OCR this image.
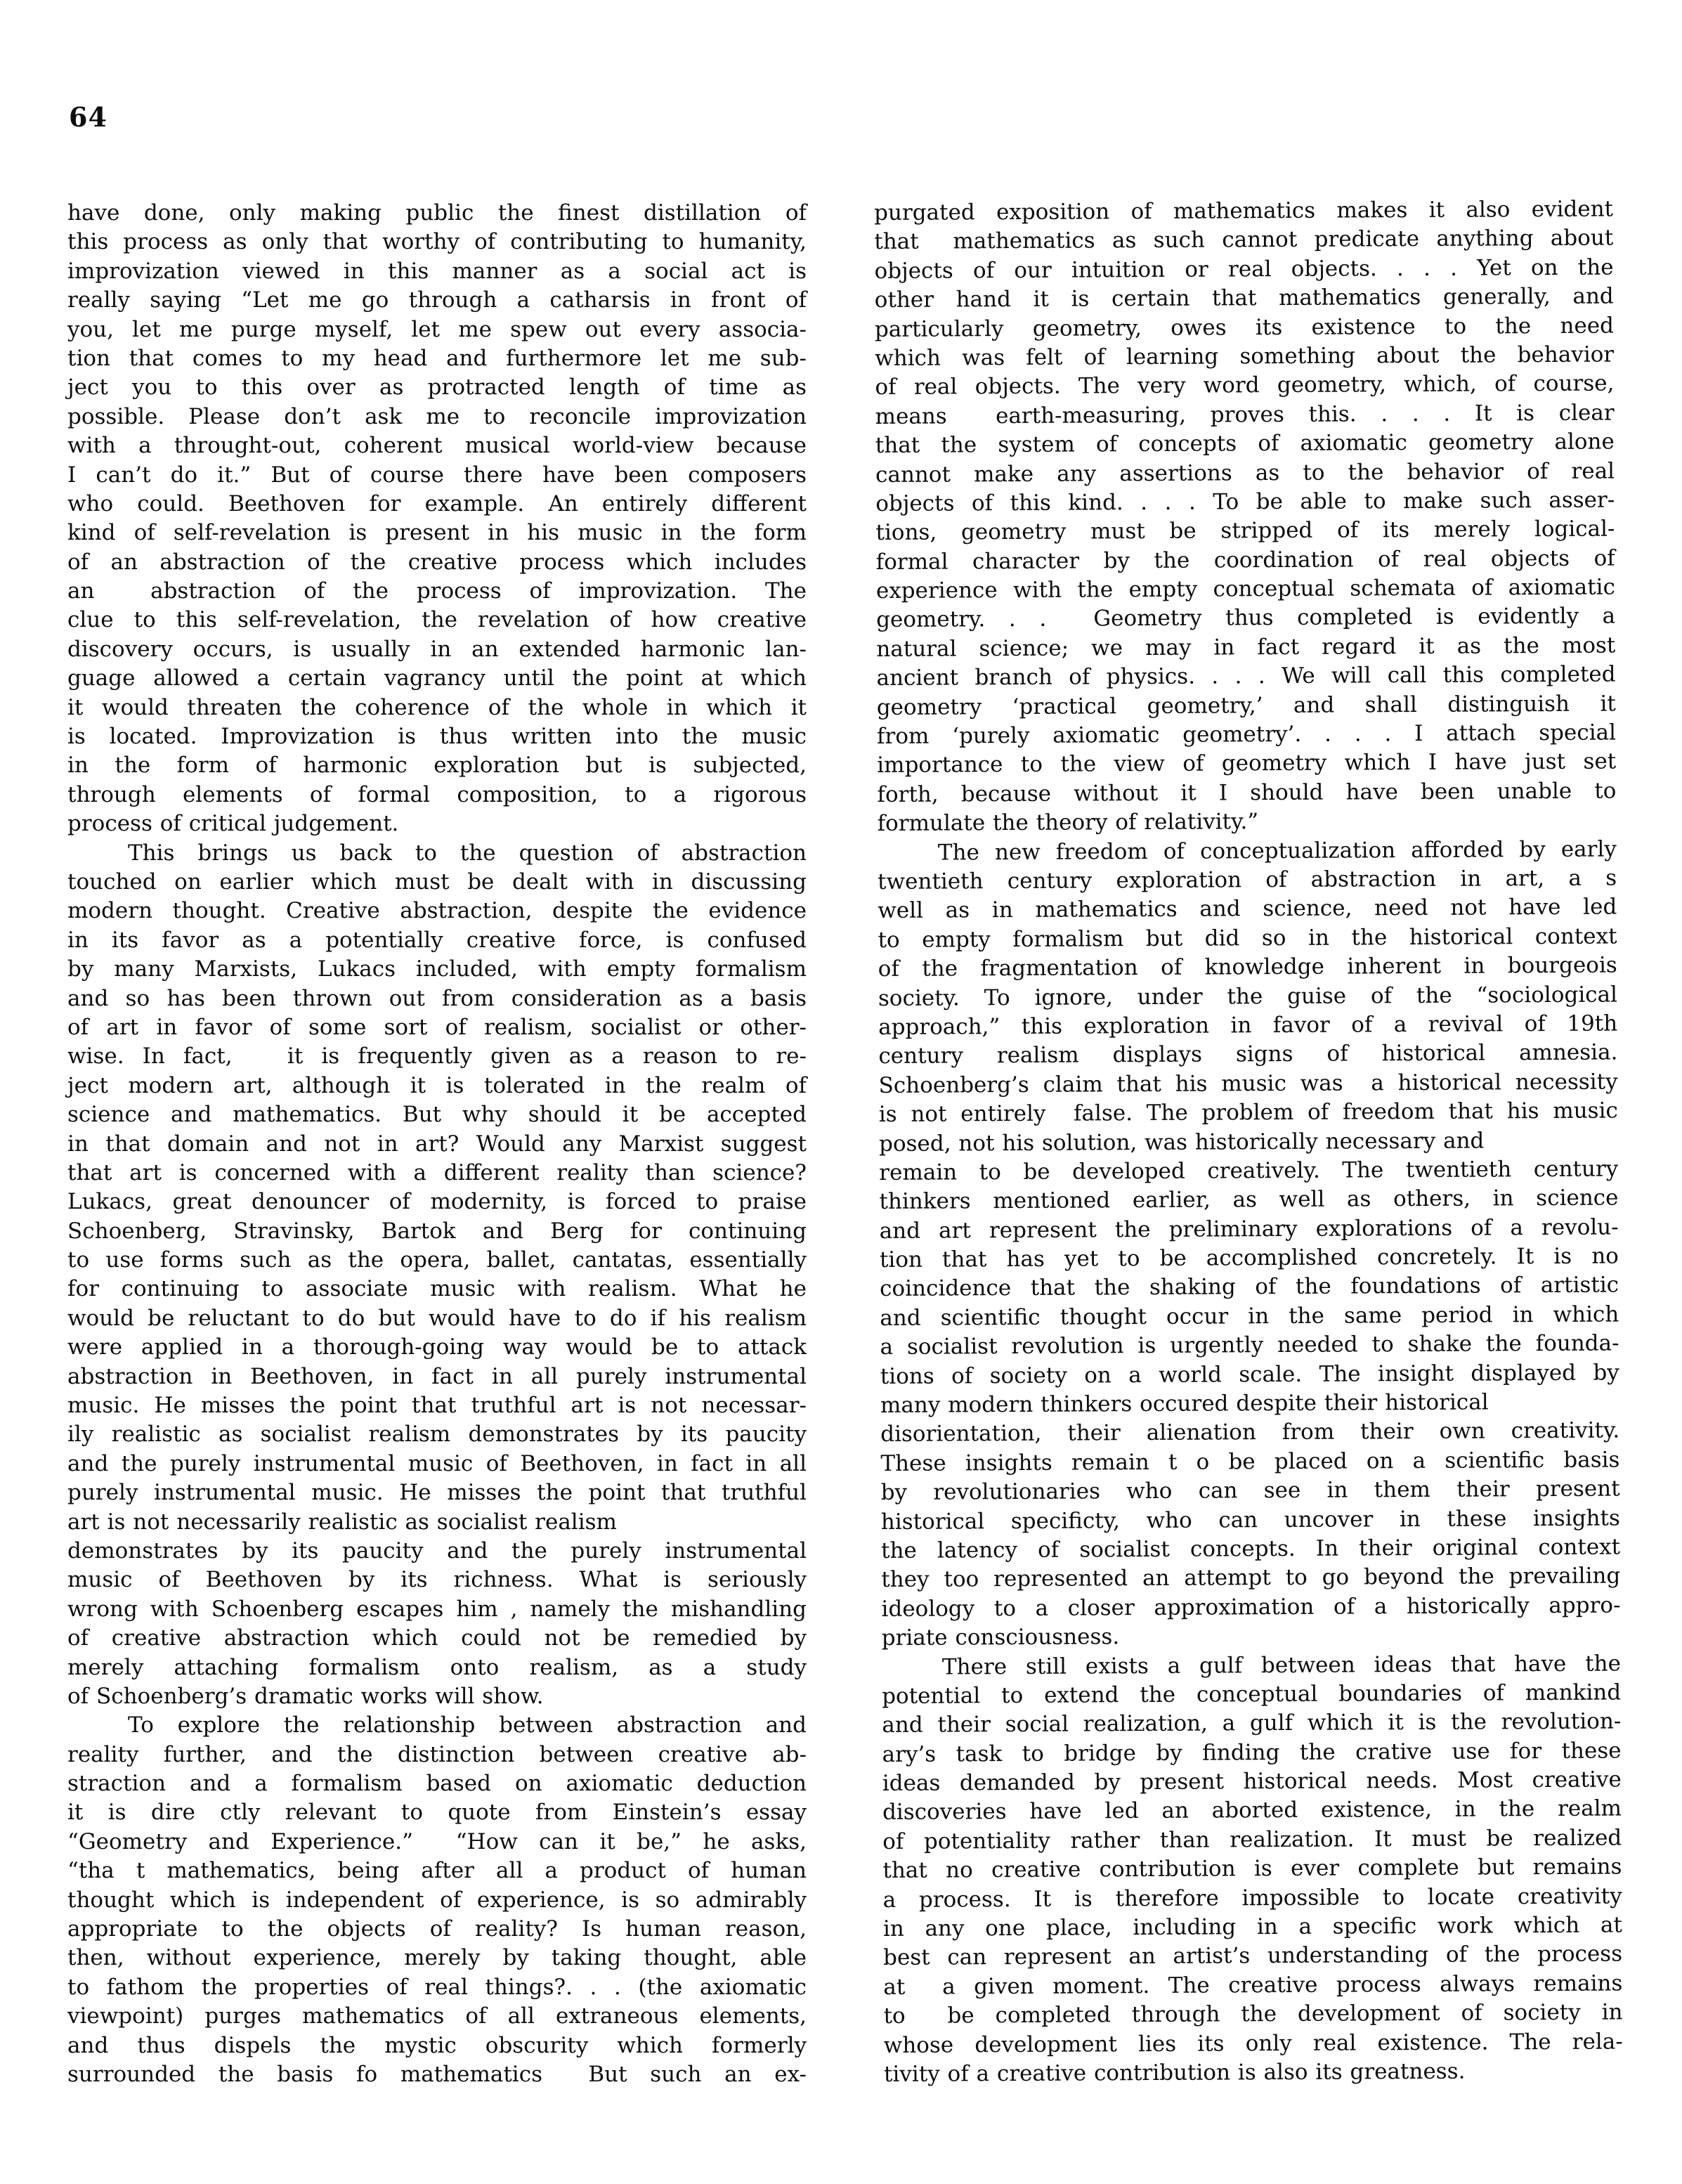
64
have done, only making public the finest distillation of
this process as only that worthy of contributing to humanity,
improvization viewed in this manner as a social act is
really saying “Let me go through a catharsis in front of
you, let me purge myself, let me spew out every associa-
tion that comes to my head and furthermore let me sub-
ject you to this over as protracted length of time as
possible. Please don’t ask me to reconcile improvization
with a throught-out, coherent musical world-view because
I can’t do it.” But of course there have been composers
who could. Beethoven for example. An entirely different
kind of self-revelation is present in his music in the form
of an abstraction of the creative process which includes
an  abstraction of the process of improvization. The
clue to this self-revelation, the revelation of how creative
discovery occurs, is usually in an extended harmonic lan-
guage allowed a certain vagrancy until the point at which
it would threaten the coherence of the whole in which it
is located. Improvization is thus written into the music
in the form of harmonic exploration but is subjected,
through elements of formal composition, to a rigorous
process of critical judgement.
This brings us back to the question of abstraction
touched on earlier which must be dealt with in discussing
modern thought. Creative abstraction, despite the evidence
in its favor as a potentially creative force, is confused
by many Marxists, Lukacs included, with empty formalism
and so has been thrown out from consideration as a basis
of art in favor of some sort of realism, socialist or other-
wise. In fact,   it is frequently given as a reason to re-
ject modern art, although it is tolerated in the realm of
science and mathematics. But why should it be accepted
in that domain and not in art? Would any Marxist suggest
that art is concerned with a different reality than science?
Lukacs, great denouncer of modernity, is forced to praise
Schoenberg, Stravinsky, Bartok and Berg for continuing
to use forms such as the opera, ballet, cantatas, essentially
for continuing to associate music with realism. What he
would be reluctant to do but would have to do if his realism
were applied in a thorough-going way would be to attack
abstraction in Beethoven, in fact in all purely instrumental
music. He misses the point that truthful art is not necessar-
ily realistic as socialist realism demonstrates by its paucity
and the purely instrumental music of Beethoven, in fact in all
purely instrumental music. He misses the point that truthful
art is not necessarily realistic as socialist realism
demonstrates by its paucity and the purely instrumental
music of Beethoven by its richness. What is seriously
wrong with Schoenberg escapes him , namely the mishandling
of creative abstraction which could not be remedied by
merely attaching formalism onto realism, as a study
of Schoenberg’s dramatic works will show.
To explore the relationship between abstraction and
reality further, and the distinction between creative ab-
straction and a formalism based on axiomatic deduction
it is dire ctly relevant to quote from Einstein’s essay
“Geometry and Experience.”  “How can it be,” he asks,
“tha t mathematics, being after all a product of human
thought which is independent of experience, is so admirably
appropriate to the objects of reality? Is human reason,
then, without experience, merely by taking thought, able
to fathom the properties of real things?. . . (the axiomatic
viewpoint) purges mathematics of all extraneous elements,
and thus dispels the mystic obscurity which formerly
surrounded the basis fo mathematics  But such an ex-
purgated exposition of mathematics makes it also evident
that  mathematics as such cannot predicate anything about
objects of our intuition or real objects. . . . Yet on the
other hand it is certain that mathematics generally, and
particularly geometry, owes its existence to the need
which was felt of learning something about the behavior
of real objects. The very word geometry, which, of course,
means  earth-measuring, proves this. . . . It is clear
that the system of concepts of axiomatic geometry alone
cannot make any assertions as to the behavior of real
objects of this kind. . . . To be able to make such asser-
tions, geometry must be stripped of its merely logical-
formal character by the coordination of real objects of
experience with the empty conceptual schemata of axiomatic
geometry. . .  Geometry thus completed is evidently a
natural science; we may in fact regard it as the most
ancient branch of physics. . . . We will call this completed
geometry ‘practical geometry,’ and shall distinguish it
from ‘purely axiomatic geometry’. . . . I attach special
importance to the view of geometry which I have just set
forth, because without it I should have been unable to
formulate the theory of relativity.”
The new freedom of conceptualization afforded by early
twentieth century exploration of abstraction in art, a s
well as in mathematics and science, need not have led
to empty formalism but did so in the historical context
of the fragmentation of knowledge inherent in bourgeois
society. To ignore, under the guise of the “sociological
approach,” this exploration in favor of a revival of 19th
century realism displays signs of historical amnesia.
Schoenberg’s claim that his music was  a historical necessity
is not entirely  false. The problem of freedom that his music
posed, not his solution, was historically necessary and
remain to be developed creatively. The twentieth century
thinkers mentioned earlier, as well as others, in science
and art represent the preliminary explorations of a revolu-
tion that has yet to be accomplished concretely. It is no
coincidence that the shaking of the foundations of artistic
and scientific thought occur in the same period in which
a socialist revolution is urgently needed to shake the founda-
tions of society on a world scale. The insight displayed by
many modern thinkers occured despite their historical
disorientation, their alienation from their own creativity.
These insights remain t o be placed on a scientific basis
by revolutionaries who can see in them their present
historical specificty, who can uncover in these insights
the latency of socialist concepts. In their original context
they too represented an attempt to go beyond the prevailing
ideology to a closer approximation of a historically appro-
priate consciousness.
There still exists a gulf between ideas that have the
potential to extend the conceptual boundaries of mankind
and their social realization, a gulf which it is the revolution-
ary’s task to bridge by finding the crative use for these
ideas demanded by present historical needs. Most creative
discoveries have led an aborted existence, in the realm
of potentiality rather than realization. It must be realized
that no creative contribution is ever complete but remains
a process. It is therefore impossible to locate creativity
in any one place, including in a specific work which at
best can represent an artist’s understanding of the process
at  a given moment. The creative process always remains
to  be completed through the development of society in
whose development lies its only real existence. The rela-
tivity of a creative contribution is also its greatness.
